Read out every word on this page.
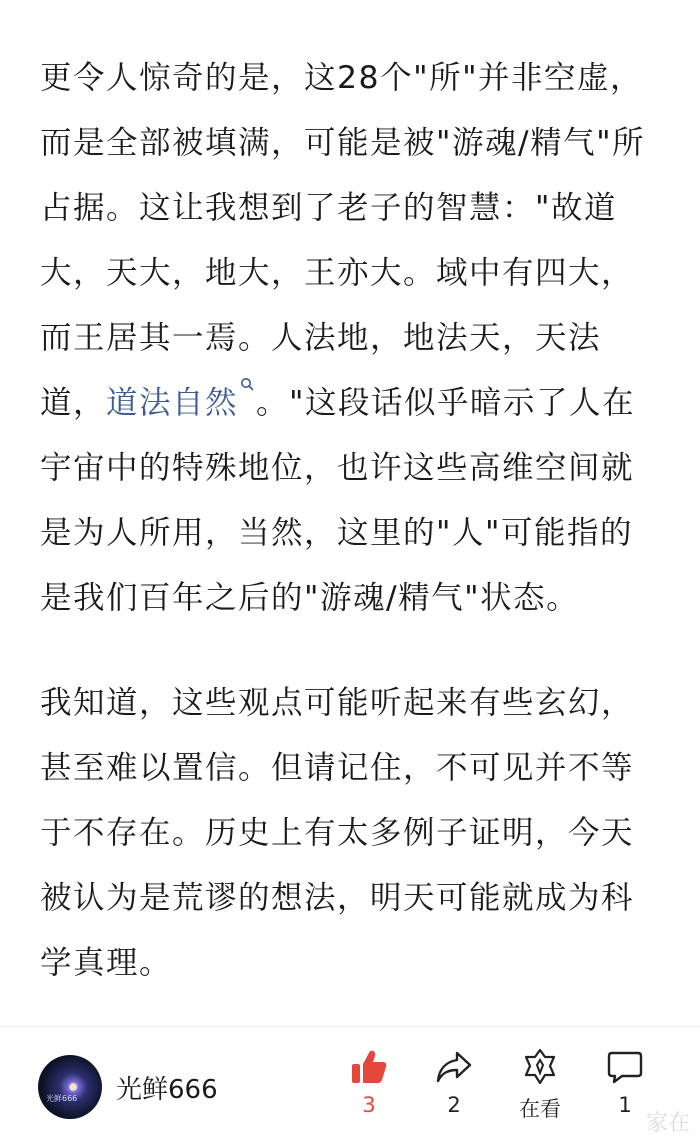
更令人惊奇的是，这28个"所"并非空虚，

而是全部被填满，可能是被"游魂/精气"所

占据。这让我想到了老子的智慧："故道

大，天大，地大，王亦大。域中有四大，

而王居其一焉。人法地，地法天，天法

道，道法自然 。"这段话似乎暗示了人在

宇宙中的特殊地位，也许这些高维空间就

是为人所用，当然，这里的"人"可能指的

是我们百年之后的"游魂/精气"状态。

我知道，这些观点可能听起来有些玄幻，

甚至难以置信。但请记住，不可见并不等

于不存在。历史上有太多例子证明，今天

被认为是荒谬的想法，明天可能就成为科

学真理。

光鲜666 光鲜666
3	2	在看	1
家在
